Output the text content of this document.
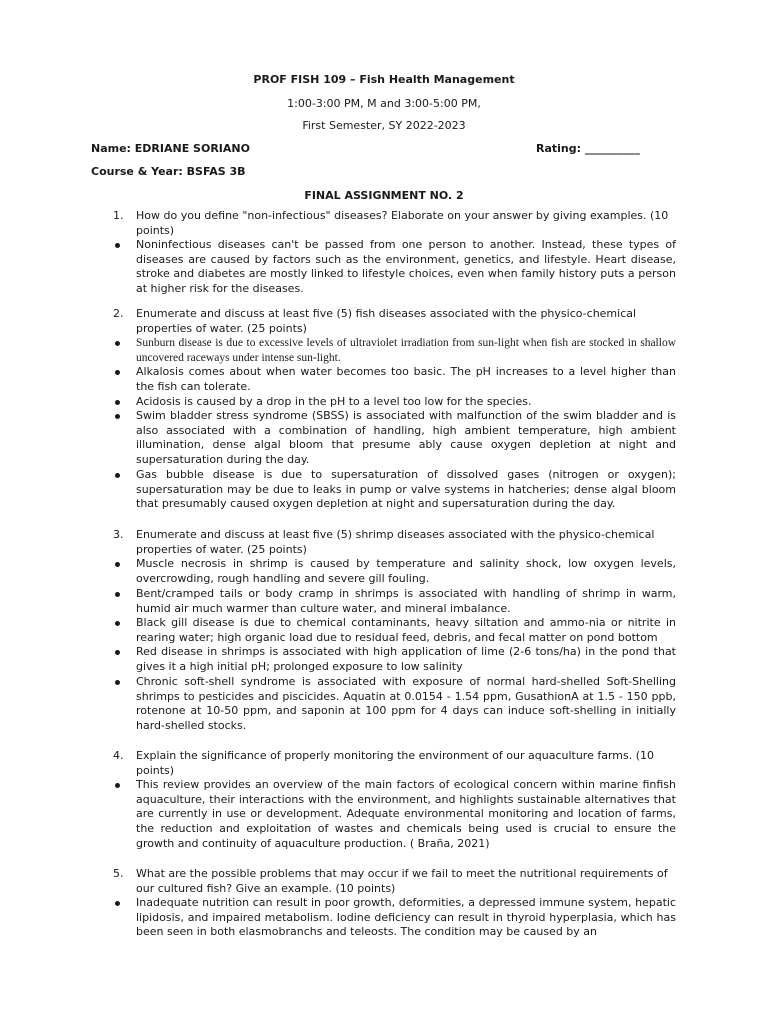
PROF FISH 109 – Fish Health Management
1:00-3:00 PM, M and 3:00-5:00 PM,
First Semester, SY 2022-2023
Name: EDRIANE SORIANO	Rating: __________
Course & Year: BSFAS 3B
FINAL ASSIGNMENT NO. 2
1. How do you define "non-infectious" diseases? Elaborate on your answer by giving examples. (10 points)
Noninfectious diseases can't be passed from one person to another. Instead, these types of diseases are caused by factors such as the environment, genetics, and lifestyle. Heart disease, stroke and diabetes are mostly linked to lifestyle choices, even when family history puts a person at higher risk for the diseases.
2. Enumerate and discuss at least five (5) fish diseases associated with the physico-chemical properties of water. (25 points)
Sunburn disease is due to excessive levels of ultraviolet irradiation from sun-light when fish are stocked in shallow uncovered raceways under intense sun-light.
Alkalosis comes about when water becomes too basic. The pH increases to a level higher than the fish can tolerate.
Acidosis is caused by a drop in the pH to a level too low for the species.
Swim bladder stress syndrome (SBSS) is associated with malfunction of the swim bladder and is also associated with a combination of handling, high ambient temperature, high ambient illumination, dense algal bloom that presume ably cause oxygen depletion at night and supersaturation during the day.
Gas bubble disease is due to supersaturation of dissolved gases (nitrogen or oxygen); supersaturation may be due to leaks in pump or valve systems in hatcheries; dense algal bloom that presumably caused oxygen depletion at night and supersaturation during the day.
3. Enumerate and discuss at least five (5) shrimp diseases associated with the physico-chemical properties of water. (25 points)
Muscle necrosis in shrimp is caused by temperature and salinity shock, low oxygen levels, overcrowding, rough handling and severe gill fouling.
Bent/cramped tails or body cramp in shrimps is associated with handling of shrimp in warm, humid air much warmer than culture water, and mineral imbalance.
Black gill disease is due to chemical contaminants, heavy siltation and ammo-nia or nitrite in rearing water; high organic load due to residual feed, debris, and fecal matter on pond bottom
Red disease in shrimps is associated with high application of lime (2-6 tons/ha) in the pond that gives it a high initial pH; prolonged exposure to low salinity
Chronic soft-shell syndrome is associated with exposure of normal hard-shelled Soft-Shelling shrimps to pesticides and piscicides. Aquatin at 0.0154 - 1.54 ppm, GusathionA at 1.5 - 150 ppb, rotenone at 10-50 ppm, and saponin at 100 ppm for 4 days can induce soft-shelling in initially hard-shelled stocks.
4. Explain the significance of properly monitoring the environment of our aquaculture farms. (10 points)
This review provides an overview of the main factors of ecological concern within marine finfish aquaculture, their interactions with the environment, and highlights sustainable alternatives that are currently in use or development. Adequate environmental monitoring and location of farms, the reduction and exploitation of wastes and chemicals being used is crucial to ensure the growth and continuity of aquaculture production. ( Braña, 2021)
5. What are the possible problems that may occur if we fail to meet the nutritional requirements of our cultured fish? Give an example. (10 points)
Inadequate nutrition can result in poor growth, deformities, a depressed immune system, hepatic lipidosis, and impaired metabolism. Iodine deficiency can result in thyroid hyperplasia, which has been seen in both elasmobranchs and teleosts. The condition may be caused by an
